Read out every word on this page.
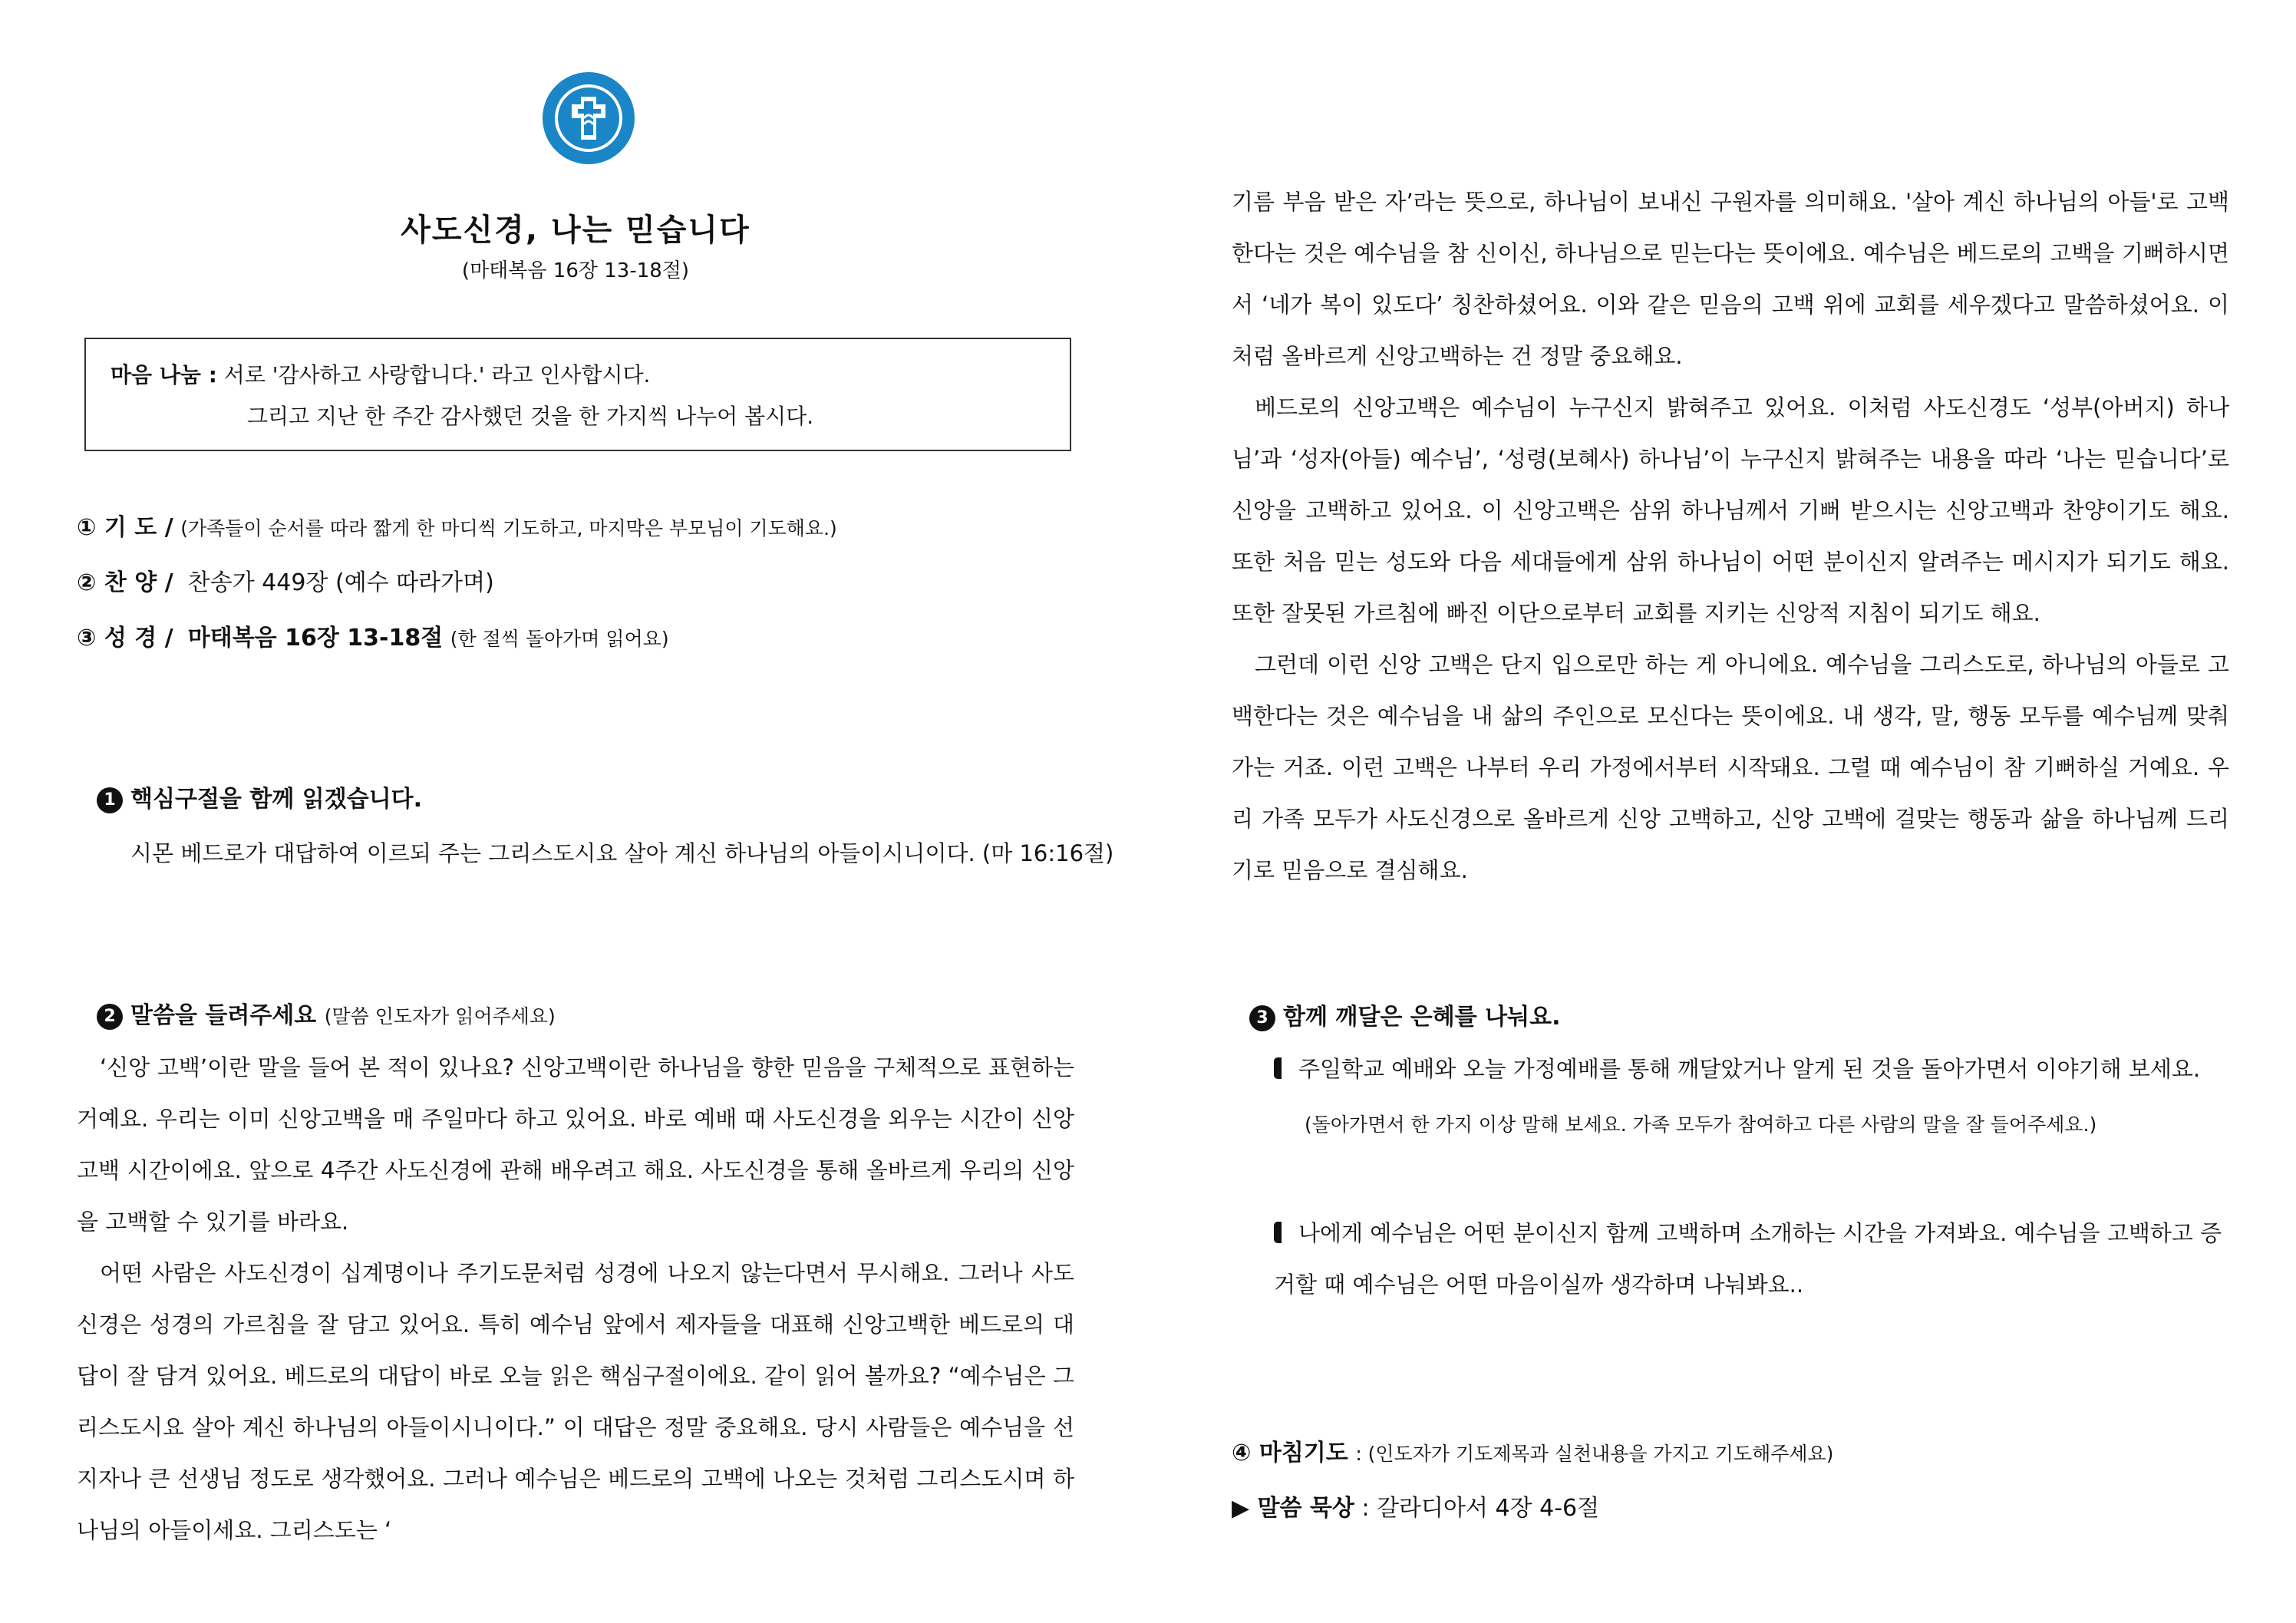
사도신경, 나는 믿습니다
(마태복음 16장 13-18절)
마음 나눔 : 서로 '감사하고 사랑합니다.' 라고 인사합시다.
그리고 지난 한 주간 감사했던 것을 한 가지씩 나누어 봅시다.
① 기 도 / (가족들이 순서를 따라 짧게 한 마디씩 기도하고, 마지막은 부모님이 기도해요.)
② 찬 양 / 찬송가 449장 (예수 따라가며)
③ 성 경 / 마태복음 16장 13-18절 (한 절씩 돌아가며 읽어요)
1 핵심구절을 함께 읽겠습니다.
시몬 베드로가 대답하여 이르되 주는 그리스도시요 살아 계신 하나님의 아들이시니이다. (마 16:16절)
2 말씀을 들려주세요 (말씀 인도자가 읽어주세요)

‘신앙 고백’이란 말을 들어 본 적이 있나요? 신앙고백이란 하나님을 향한 믿음을 구체적으로 표현하는 거예요. 우리는 이미 신앙고백을 매 주일마다 하고 있어요. 바로 예배 때 사도신경을 외우는 시간이 신앙고백 시간이에요. 앞으로 4주간 사도신경에 관해 배우려고 해요. 사도신경을 통해 올바르게 우리의 신앙을 고백할 수 있기를 바라요.

어떤 사람은 사도신경이 십계명이나 주기도문처럼 성경에 나오지 않는다면서 무시해요. 그러나 사도신경은 성경의 가르침을 잘 담고 있어요. 특히 예수님 앞에서 제자들을 대표해 신앙고백한 베드로의 대답이 잘 담겨 있어요. 베드로의 대답이 바로 오늘 읽은 핵심구절이에요. 같이 읽어 볼까요? “예수님은 그리스도시요 살아 계신 하나님의 아들이시니이다.” 이 대답은 정말 중요해요. 당시 사람들은 예수님을 선지자나 큰 선생님 정도로 생각했어요. 그러나 예수님은 베드로의 고백에 나오는 것처럼 그리스도시며 하나님의 아들이세요. 그리스도는 ‘

기름 부음 받은 자’라는 뜻으로, 하나님이 보내신 구원자를 의미해요. '살아 계신 하나님의 아들'로 고백한다는 것은 예수님을 참 신이신, 하나님으로 믿는다는 뜻이에요. 예수님은 베드로의 고백을 기뻐하시면서 ‘네가 복이 있도다’ 칭찬하셨어요. 이와 같은 믿음의 고백 위에 교회를 세우겠다고 말씀하셨어요. 이처럼 올바르게 신앙고백하는 건 정말 중요해요.

베드로의 신앙고백은 예수님이 누구신지 밝혀주고 있어요. 이처럼 사도신경도 ‘성부(아버지) 하나님’과 ‘성자(아들) 예수님’, ‘성령(보혜사) 하나님’이 누구신지 밝혀주는 내용을 따라 ‘나는 믿습니다’로 신앙을 고백하고 있어요. 이 신앙고백은 삼위 하나님께서 기뻐 받으시는 신앙고백과 찬양이기도 해요. 또한 처음 믿는 성도와 다음 세대들에게 삼위 하나님이 어떤 분이신지 알려주는 메시지가 되기도 해요. 또한 잘못된 가르침에 빠진 이단으로부터 교회를 지키는 신앙적 지침이 되기도 해요.

그런데 이런 신앙 고백은 단지 입으로만 하는 게 아니에요. 예수님을 그리스도로, 하나님의 아들로 고백한다는 것은 예수님을 내 삶의 주인으로 모신다는 뜻이에요. 내 생각, 말, 행동 모두를 예수님께 맞춰가는 거죠. 이런 고백은 나부터 우리 가정에서부터 시작돼요. 그럴 때 예수님이 참 기뻐하실 거예요. 우리 가족 모두가 사도신경으로 올바르게 신앙 고백하고, 신앙 고백에 걸맞는 행동과 삶을 하나님께 드리기로 믿음으로 결심해요.

3 함께 깨달은 은혜를 나눠요.
주일학교 예배와 오늘 가정예배를 통해 깨달았거나 알게 된 것을 돌아가면서 이야기해 보세요.
(돌아가면서 한 가지 이상 말해 보세요. 가족 모두가 참여하고 다른 사람의 말을 잘 들어주세요.)
나에게 예수님은 어떤 분이신지 함께 고백하며 소개하는 시간을 가져봐요. 예수님을 고백하고 증거할 때 예수님은 어떤 마음이실까 생각하며 나눠봐요..
④ 마침기도 : (인도자가 기도제목과 실천내용을 가지고 기도해주세요)
▶ 말씀 묵상 : 갈라디아서 4장 4-6절
